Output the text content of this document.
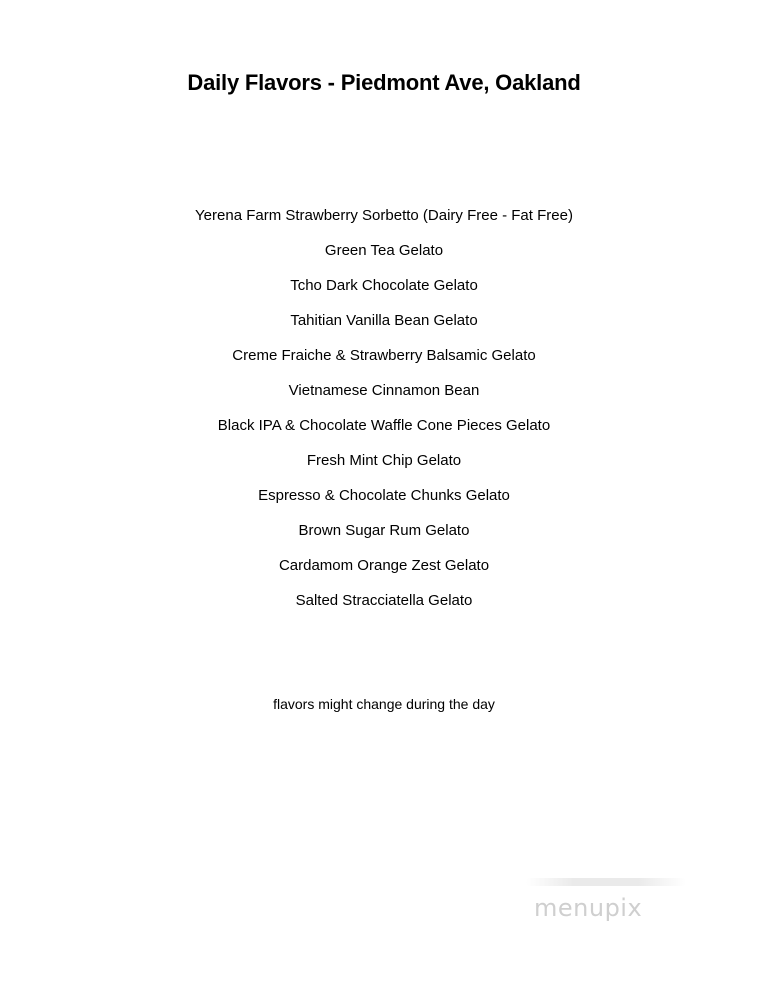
Daily Flavors - Piedmont Ave, Oakland
Yerena Farm Strawberry Sorbetto (Dairy Free - Fat Free)
Green Tea Gelato
Tcho Dark Chocolate Gelato
Tahitian Vanilla Bean Gelato
Creme Fraiche & Strawberry Balsamic Gelato
Vietnamese Cinnamon Bean
Black IPA & Chocolate Waffle Cone Pieces Gelato
Fresh Mint Chip Gelato
Espresso & Chocolate Chunks Gelato
Brown Sugar Rum Gelato
Cardamom Orange Zest Gelato
Salted Stracciatella Gelato
flavors might change during the day
menupix
